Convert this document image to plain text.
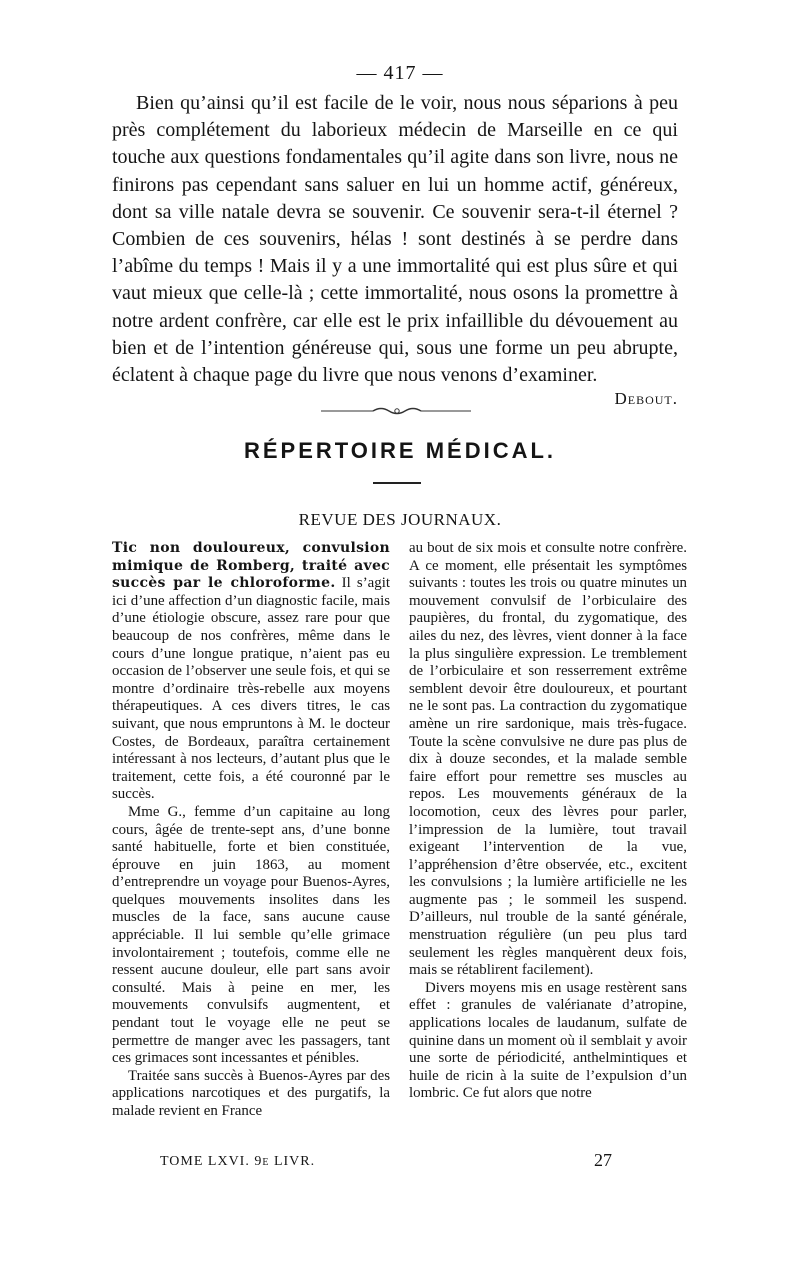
— 417 —

Bien qu’ainsi qu’il est facile de le voir, nous nous séparions à peu près complétement du laborieux médecin de Marseille en ce qui touche aux questions fondamentales qu’il agite dans son livre, nous ne finirons pas cependant sans saluer en lui un homme actif, généreux, dont sa ville natale devra se souvenir. Ce souvenir sera-t-il éternel ? Combien de ces souvenirs, hélas ! sont destinés à se perdre dans l’abîme du temps ! Mais il y a une immortalité qui est plus sûre et qui vaut mieux que celle-là ; cette immortalité, nous osons la promettre à notre ardent confrère, car elle est le prix infaillible du dévouement au bien et de l’intention généreuse qui, sous une forme un peu abrupte, éclatent à chaque page du livre que nous venons d’examiner.

Debout.
RÉPERTOIRE MÉDICAL.
REVUE DES JOURNAUX.

Tic non douloureux, convulsion mimique de Romberg, traité avec succès par le chloroforme. Il s’agit ici d’une affection d’un diagnostic facile, mais d’une étiologie obscure, assez rare pour que beaucoup de nos confrères, même dans le cours d’une longue pratique, n’aient pas eu occasion de l’observer une seule fois, et qui se montre d’ordinaire très-rebelle aux moyens thérapeutiques. A ces divers titres, le cas suivant, que nous empruntons à M. le docteur Costes, de Bordeaux, paraîtra certainement intéressant à nos lecteurs, d’autant plus que le traitement, cette fois, a été couronné par le succès.

Mme G., femme d’un capitaine au long cours, âgée de trente-sept ans, d’une bonne santé habituelle, forte et bien constituée, éprouve en juin 1863, au moment d’entreprendre un voyage pour Buenos-Ayres, quelques mouvements insolites dans les muscles de la face, sans aucune cause appréciable. Il lui semble qu’elle grimace involontairement ; toutefois, comme elle ne ressent aucune douleur, elle part sans avoir consulté. Mais à peine en mer, les mouvements convulsifs augmentent, et pendant tout le voyage elle ne peut se permettre de manger avec les passagers, tant ces grimaces sont incessantes et pénibles.

Traitée sans succès à Buenos-Ayres par des applications narcotiques et des purgatifs, la malade revient en France

au bout de six mois et consulte notre confrère. A ce moment, elle présentait les symptômes suivants : toutes les trois ou quatre minutes un mouvement convulsif de l’orbiculaire des paupières, du frontal, du zygomatique, des ailes du nez, des lèvres, vient donner à la face la plus singulière expression. Le tremblement de l’orbiculaire et son resserrement extrême semblent devoir être douloureux, et pourtant ne le sont pas. La contraction du zygomatique amène un rire sardonique, mais très-fugace. Toute la scène convulsive ne dure pas plus de dix à douze secondes, et la malade semble faire effort pour remettre ses muscles au repos. Les mouvements généraux de la locomotion, ceux des lèvres pour parler, l’impression de la lumière, tout travail exigeant l’intervention de la vue, l’appréhension d’être observée, etc., excitent les convulsions ; la lumière artificielle ne les augmente pas ; le sommeil les suspend. D’ailleurs, nul trouble de la santé générale, menstruation régulière (un peu plus tard seulement les règles manquèrent deux fois, mais se rétablirent facilement).

Divers moyens mis en usage restèrent sans effet : granules de valérianate d’atropine, applications locales de laudanum, sulfate de quinine dans un moment où il semblait y avoir une sorte de périodicité, anthelmintiques et huile de ricin à la suite de l’expulsion d’un lombric. Ce fut alors que notre

TOME LXVI. 9e LIVR.	27
